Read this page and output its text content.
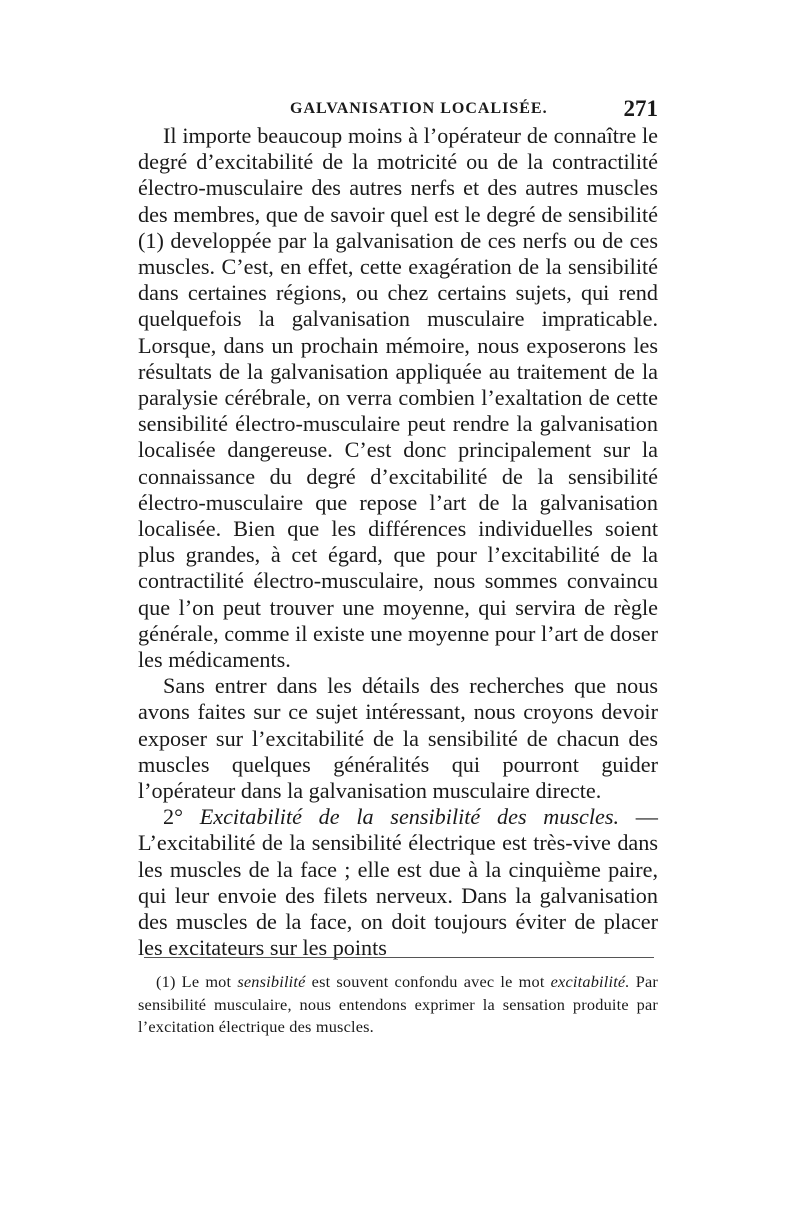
GALVANISATION LOCALISÉE.	271

Il importe beaucoup moins à l’opérateur de connaître le degré d’excitabilité de la motricité ou de la contractilité électro-musculaire des autres nerfs et des autres muscles des membres, que de savoir quel est le degré de sensibilité (1) developpée par la galvanisation de ces nerfs ou de ces muscles. C’est, en effet, cette exagération de la sensibilité dans certaines régions, ou chez certains sujets, qui rend quelquefois la galvanisation musculaire impraticable. Lorsque, dans un prochain mémoire, nous exposerons les résultats de la galvanisation appliquée au traitement de la paralysie cérébrale, on verra combien l’exaltation de cette sensibilité électro-musculaire peut rendre la galvanisation localisée dangereuse. C’est donc principalement sur la connaissance du degré d’excitabilité de la sensibilité électro-musculaire que repose l’art de la galvanisation localisée. Bien que les différences individuelles soient plus grandes, à cet égard, que pour l’excitabilité de la contractilité électro-musculaire, nous sommes convaincu que l’on peut trouver une moyenne, qui servira de règle générale, comme il existe une moyenne pour l’art de doser les médicaments.

Sans entrer dans les détails des recherches que nous avons faites sur ce sujet intéressant, nous croyons devoir exposer sur l’excitabilité de la sensibilité de chacun des muscles quelques généralités qui pourront guider l’opérateur dans la galvanisation musculaire directe.

2° Excitabilité de la sensibilité des muscles. — L’excitabilité de la sensibilité électrique est très-vive dans les muscles de la face ; elle est due à la cinquième paire, qui leur envoie des filets nerveux. Dans la galvanisation des muscles de la face, on doit toujours éviter de placer les excitateurs sur les points

(1) Le mot sensibilité est souvent confondu avec le mot excitabilité. Par sensibilité musculaire, nous entendons exprimer la sensation produite par l’excitation électrique des muscles.
